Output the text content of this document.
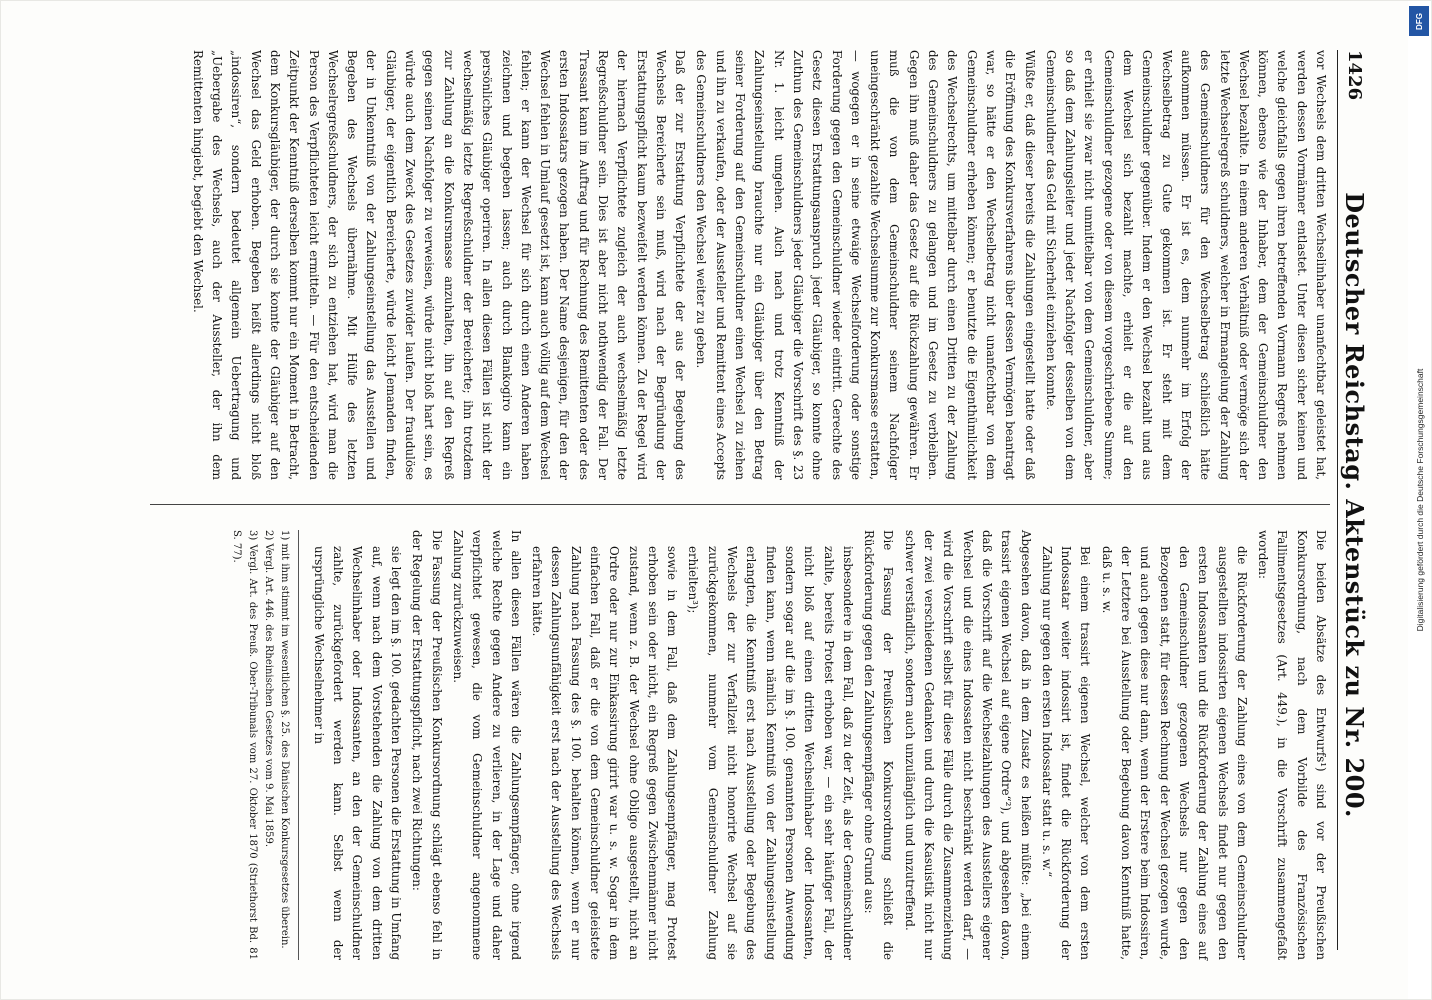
1426
Deutscher Reichstag. Aktenstück zu Nr. 200.

vor Wechsels dem dritten Wechselinhaber unanfechtbar geleistet hat, werden dessen Vormänner entlastet. Unter diesen sicher keinen und welche gleichfalls gegen ihren betreffenden Vormann Regreß nehmen können, ebenso wie der Inhaber, dem der Gemeinschuldner den Wechsel bezahlte. In einem anderen Verhältniß oder vermöge sich der letzte Wechselregreß schuldners, welcher in Ermangelung der Zahlung des Gemeinschuldners für den Wechselbetrag schließlich hätte aufkommen müssen. Er ist es, dem nunmehr im Erfolg der Wechselbetrag zu Gute gekommen ist. Er steht mit dem Gemeinschuldner gegenüber. Indem er den Wechsel bezahlt und aus dem Wechsel sich bezahlt machte, erhielt er die auf den Gemeinschuldner gezogene oder von diesem vorgeschriebene Summe; er erhielt sie zwar nicht unmittelbar von dem Gemeinschuldner, aber so daß dem Zahlungsleiter und jeder Nachfolger desselben von dem Gemeinschuldner das Geld mit Sicherheit einziehen konnte.

Wüßte er, daß dieser bereits die Zahlungen eingestellt hatte oder daß die Eröffnung des Konkursverfahrens über dessen Vermögen beantragt war, so hätte er den Wechselbetrag nicht unanfechtbar von dem Gemeinschuldner erheben können; er benutzte die Eigenthümlichkeit des Wechselrechts, um mittelbar durch einen Dritten zu der Zahlung des Gemeinschuldners zu gelangen und im Gesetz zu verbleiben. Gegen ihn muß daher das Gesetz auf die Rückzahlung gewähren. Er muß die von dem Gemeinschuldner seinem Nachfolger uneingeschränkt gezahlte Wechselsumme zur Konkursmasse erstatten, — wogegen er in seine etwaige Wechselforderung oder sonstige Forderung gegen den Gemeinschuldner wieder eintritt. Gerechte des Gesetz diesen Erstattungsanspruch jeder Gläubiger, so konnte ohne Zuthun des Gemeinschuldners jeder Gläubiger die Vorschrift des §. 23 Nr. 1. leicht umgehen. Auch nach und trotz Kenntniß der Zahlungseinstellung brauchte nur ein Gläubiger über den Betrag seiner Forderung auf den Gemeinschuldner einen Wechsel zu ziehen und ihn zu verkaufen, oder der Aussteller und Remittent eines Accepts des Gemeinschuldners den Wechsel weiter zu geben.

Daß der zur Erstattung Verpflichtete der aus der Begebung des Wechsels Bereicherte sein muß, wird nach der Begründung der Erstattungspflicht kaum bezweifelt werden können. Zu der Regel wird der hiernach Verpflichtete zugleich der auch wechselmäßig letzte Regreßschuldner sein. Dies ist aber nicht nothwendig der Fall. Der Trassant kann im Auftrag und für Rechnung des Remittenten oder des ersten Indossatars gezogen haben. Der Name desjenigen, für den der Wechsel fehlen in Umlauf gesetzt ist, kann auch völlig auf dem Wechsel fehlen; er kann der Wechsel für sich durch einen Anderen haben zeichnen und begeben lassen; auch durch Blankogiro kann ein persönliches Gläubiger operiren. In allen diesen Fällen ist nicht der wechselmäßig letzte Regreßschuldner der Bereicherte; ihn trotzdem zur Zahlung an die Konkursmasse anzuhalten, ihn auf den Regreß gegen seinen Nachfolger zu verweisen, würde nicht bloß hart sein, es würde auch dem Zweck des Gesetzes zuwider laufen. Der fraudulöse Gläubiger, der eigentlich Bereicherte, würde leicht Jemanden finden, der in Unkenntniß von der Zahlungseinstellung das Ausstellen und Begeben des Wechsels übernähme. Mit Hülfe des letzten Wechselregreßschuldners, der sich zu entziehen hat, wird man die Person des Verpflichteten leicht ermitteln. — Für den entscheidenden Zeitpunkt der Kenntniß derselben kommt nur ein Moment in Betracht, dem Konkursgläubiger, der durch sie konnte der Gläubiger auf den Wechsel das Geld erhoben. Begeben heißt allerdings nicht bloß „indossiren“, sondern bedeutet allgemein Uebertragung und „Uebergabe des Wechsels, auch der Aussteller, der ihn dem Remittenten hingiebt, begiebt den Wechsel.

Die beiden Absätze des Entwurfs¹) sind vor der Preußischen Konkursordnung, nach dem Vorbilde des Französischen Fallimentsgesetzes (Art. 449.), in die Vorschrift zusammengefaßt worden:

die Rückforderung der Zahlung eines von dem Gemeinschuldner ausgestellten indossirten eigenen Wechsels findet nur gegen den ersten Indossanten und die Rückforderung der Zahlung eines auf den Gemeinschuldner gezogenen Wechsels nur gegen den Bezogenen statt, für dessen Rechnung der Wechsel gezogen wurde, und auch gegen diese nur dann, wenn der Erstere beim Indossiren, der Letztere bei Ausstellung oder Begebung davon Kenntniß hatte, daß u. s. w.

Bei einem trassirt eigenen Wechsel, welcher von dem ersten Indossatar weiter indossirt ist, findet die Rückforderung der Zahlung nur gegen den ersten Indossatar statt u. s. w.“

Abgesehen davon, daß in dem Zusatz es heißen müßte: „bei einem trassirt eigenen Wechsel auf eigene Ordre“²), und abgesehen davon, daß die Vorschrift auf die Wechselzahlungen des Ausstellers eigener Wechsel und die eines Indossaten nicht beschränkt werden darf, — wird die Vorschrift selbst für diese Fälle durch die Zusammenziehung der zwei verschiedenen Gedanken und durch die Kasuistik nicht nur schwer verständlich, sondern auch unzulänglich und unzutreffend.

Die Fassung der Preußischen Konkursordnung schließt die Rückforderung gegen den Zahlungsempfänger ohne Grund aus:

insbesondere in dem Fall, daß zu der Zeit, als der Gemeinschuldner zahlte, bereits Protest erhoben war, — ein sehr häufiger Fall, der nicht bloß auf einen dritten Wechselinhaber oder Indossanten, sondern sogar auf die im §. 100. genannten Personen Anwendung finden kann, wenn nämlich Kenntniß von der Zahlungseinstellung erlangten, die Kenntniß erst nach Ausstellung oder Begebung des Wechsels der zur Verfallzeit nicht honorirte Wechsel auf sie zurückgekommen, nunmehr vom Gemeinschuldner Zahlung erhielten³);

sowie in dem Fall, daß dem Zahlungsempfänger, mag Protest erhoben sein oder nicht, ein Regreß gegen Zwischenmänner nicht zustand, wenn z. B. der Wechsel ohne Obligo ausgestellt, nicht an Ordre oder nur zur Einkassirung girirt war u. s. w. Sogar in dem einfachen Fall, daß er die von dem Gemeinschuldner geleistete Zahlung nach Fassung des §. 100. behalten können, wenn er nur dessen Zahlungsunfähigkeit erst nach der Ausstellung des Wechsels erfahren hätte.

In allen diesen Fällen wären die Zahlungsempfänger, ohne irgend welche Rechte gegen Andere zu verlieren, in der Lage und daher verpflichtet gewesen, die vom Gemeinschuldner angenommene Zahlung zurückzuweisen.

Die Fassung der Preußischen Konkursordnung schlägt ebenso fehl in der Regelung der Erstattungspflicht, nach zwei Richtungen:

sie legt den im §. 100. gedachten Personen die Erstattung in Umfang auf, wenn nach dem Vorstehenden die Zahlung von dem dritten Wechselinhaber oder Indossanten, an den der Gemeinschuldner zahlte, zurückgefordert werden kann. Selbst wenn der ursprüngliche Wechselnehmer in

1) mit ihm stimmt im wesentlichen §. 25. des Dänischen Konkursgesetzes überein.
2) Vergl. Art. 446. des Rheinischen Gesetzes vom 9. Mai 1859.
3) Vergl. Art. des Preuß. Ober-Tribunals vom 27. Oktober 1870 (Striethorst Bd. 81 S. 77).
DFG
Digitalisierung gefördert durch die Deutsche Forschungsgemeinschaft
